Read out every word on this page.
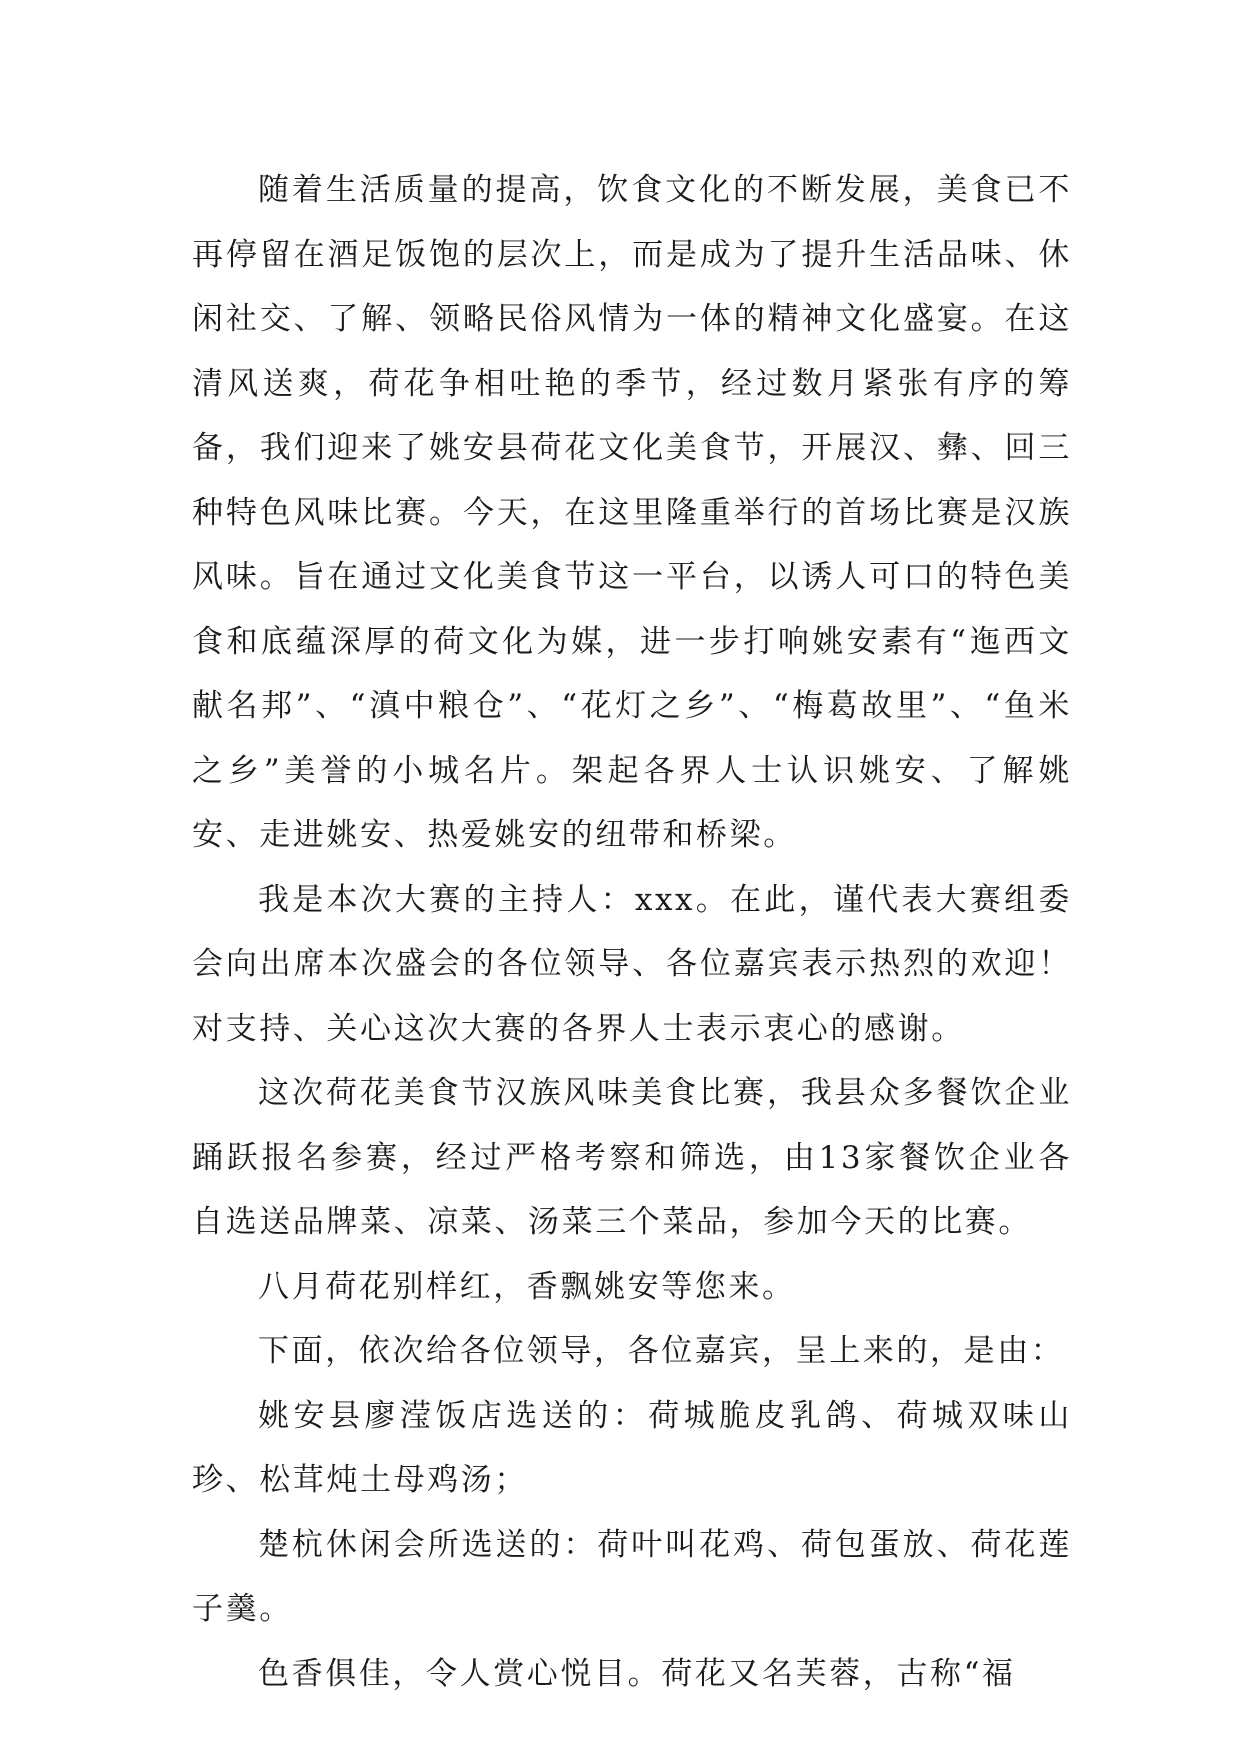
随着生活质量的提高，饮食文化的不断发展，美食已不再停留在酒足饭饱的层次上，而是成为了提升生活品味、休闲社交、了解、领略民俗风情为一体的精神文化盛宴。在这清风送爽，荷花争相吐艳的季节，经过数月紧张有序的筹备，我们迎来了姚安县荷花文化美食节，开展汉、彝、回三种特色风味比赛。今天，在这里隆重举行的首场比赛是汉族风味。旨在通过文化美食节这一平台，以诱人可口的特色美食和底蕴深厚的荷文化为媒，进一步打响姚安素有“迤西文献名邦”、“滇中粮仓”、“花灯之乡”、“梅葛故里”、“鱼米之乡”美誉的小城名片。架起各界人士认识姚安、了解姚安、走进姚安、热爱姚安的纽带和桥梁。

我是本次大赛的主持人：xxx。在此，谨代表大赛组委会向出席本次盛会的各位领导、各位嘉宾表示热烈的欢迎！对支持、关心这次大赛的各界人士表示衷心的感谢。

这次荷花美食节汉族风味美食比赛，我县众多餐饮企业踊跃报名参赛，经过严格考察和筛选，由13家餐饮企业各自选送品牌菜、凉菜、汤菜三个菜品，参加今天的比赛。

八月荷花别样红，香飘姚安等您来。

下面，依次给各位领导，各位嘉宾，呈上来的，是由：

姚安县廖滢饭店选送的：荷城脆皮乳鸽、荷城双味山珍、松茸炖土母鸡汤；

楚杭休闲会所选送的：荷叶叫花鸡、荷包蛋放、荷花莲子羹。

色香俱佳，令人赏心悦目。荷花又名芙蓉，古称“福
